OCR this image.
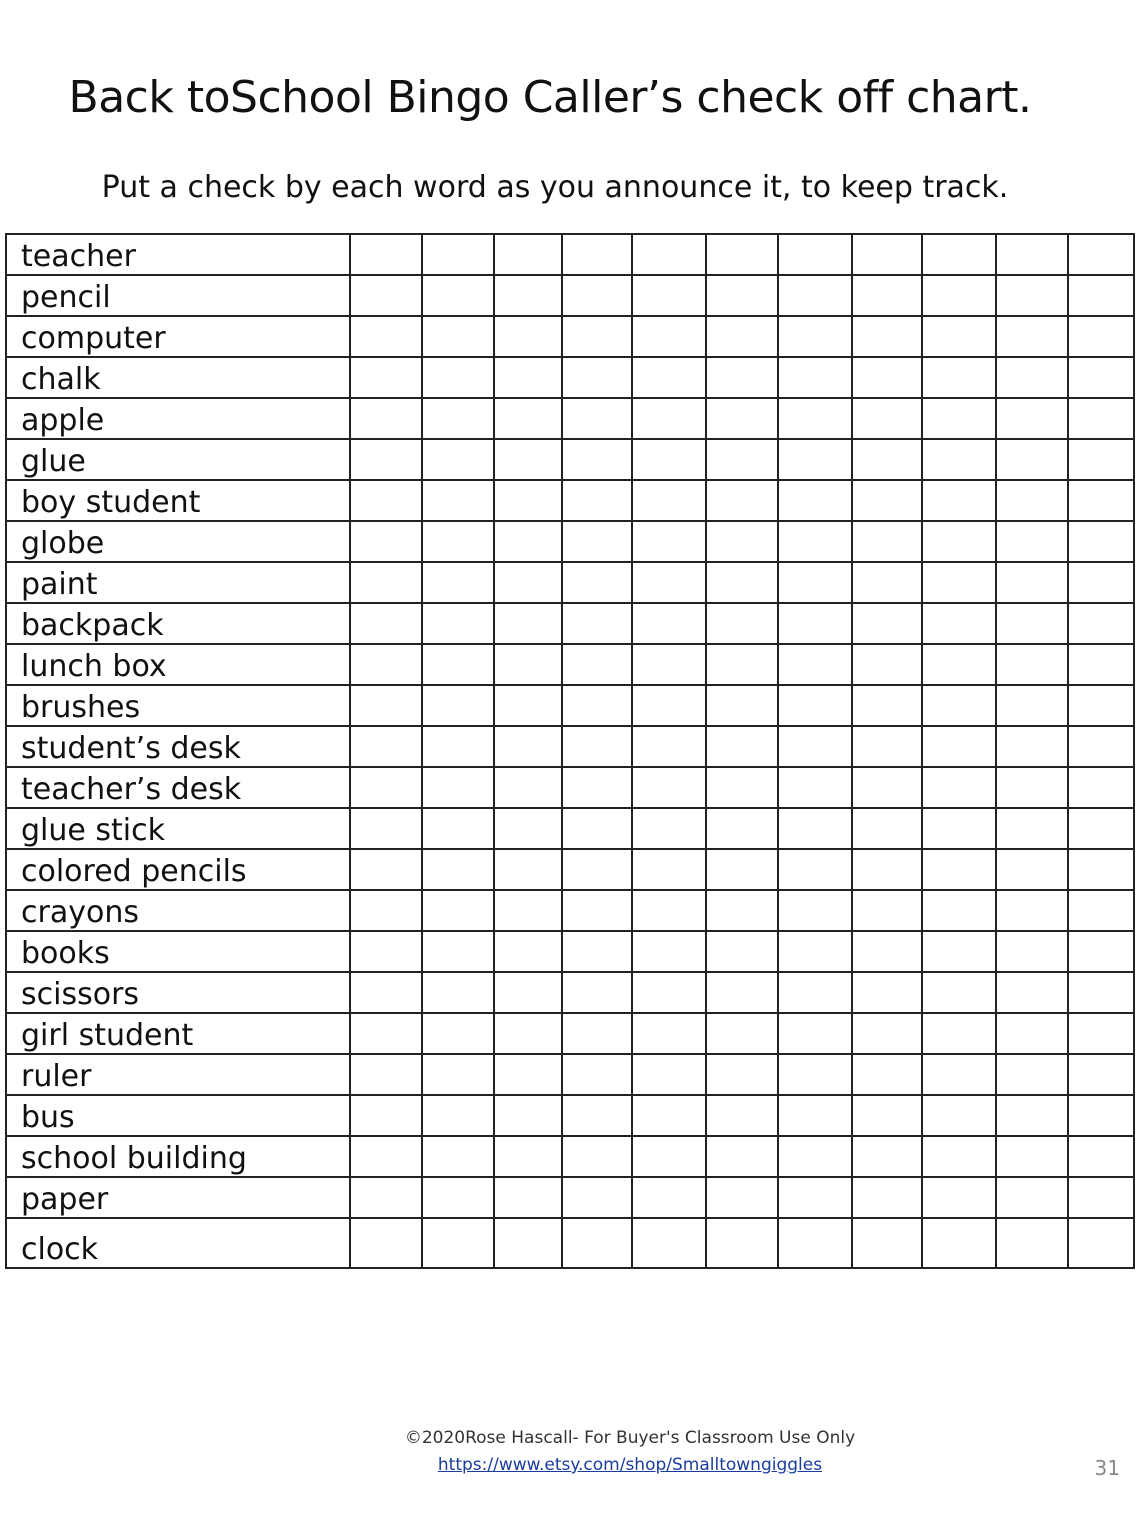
Back toSchool Bingo Caller’s check off chart.
Put a check by each word as you announce it, to keep track.
teacher											
pencil											
computer											
chalk											
apple											
glue											
boy student											
globe											
paint											
backpack											
lunch box											
brushes											
student’s desk											
teacher’s desk											
glue stick											
colored pencils											
crayons											
books											
scissors											
girl student											
ruler											
bus											
school building											
paper											
clock											
©2020Rose Hascall- For Buyer's Classroom Use Only
https://www.etsy.com/shop/Smalltowngiggles	31
